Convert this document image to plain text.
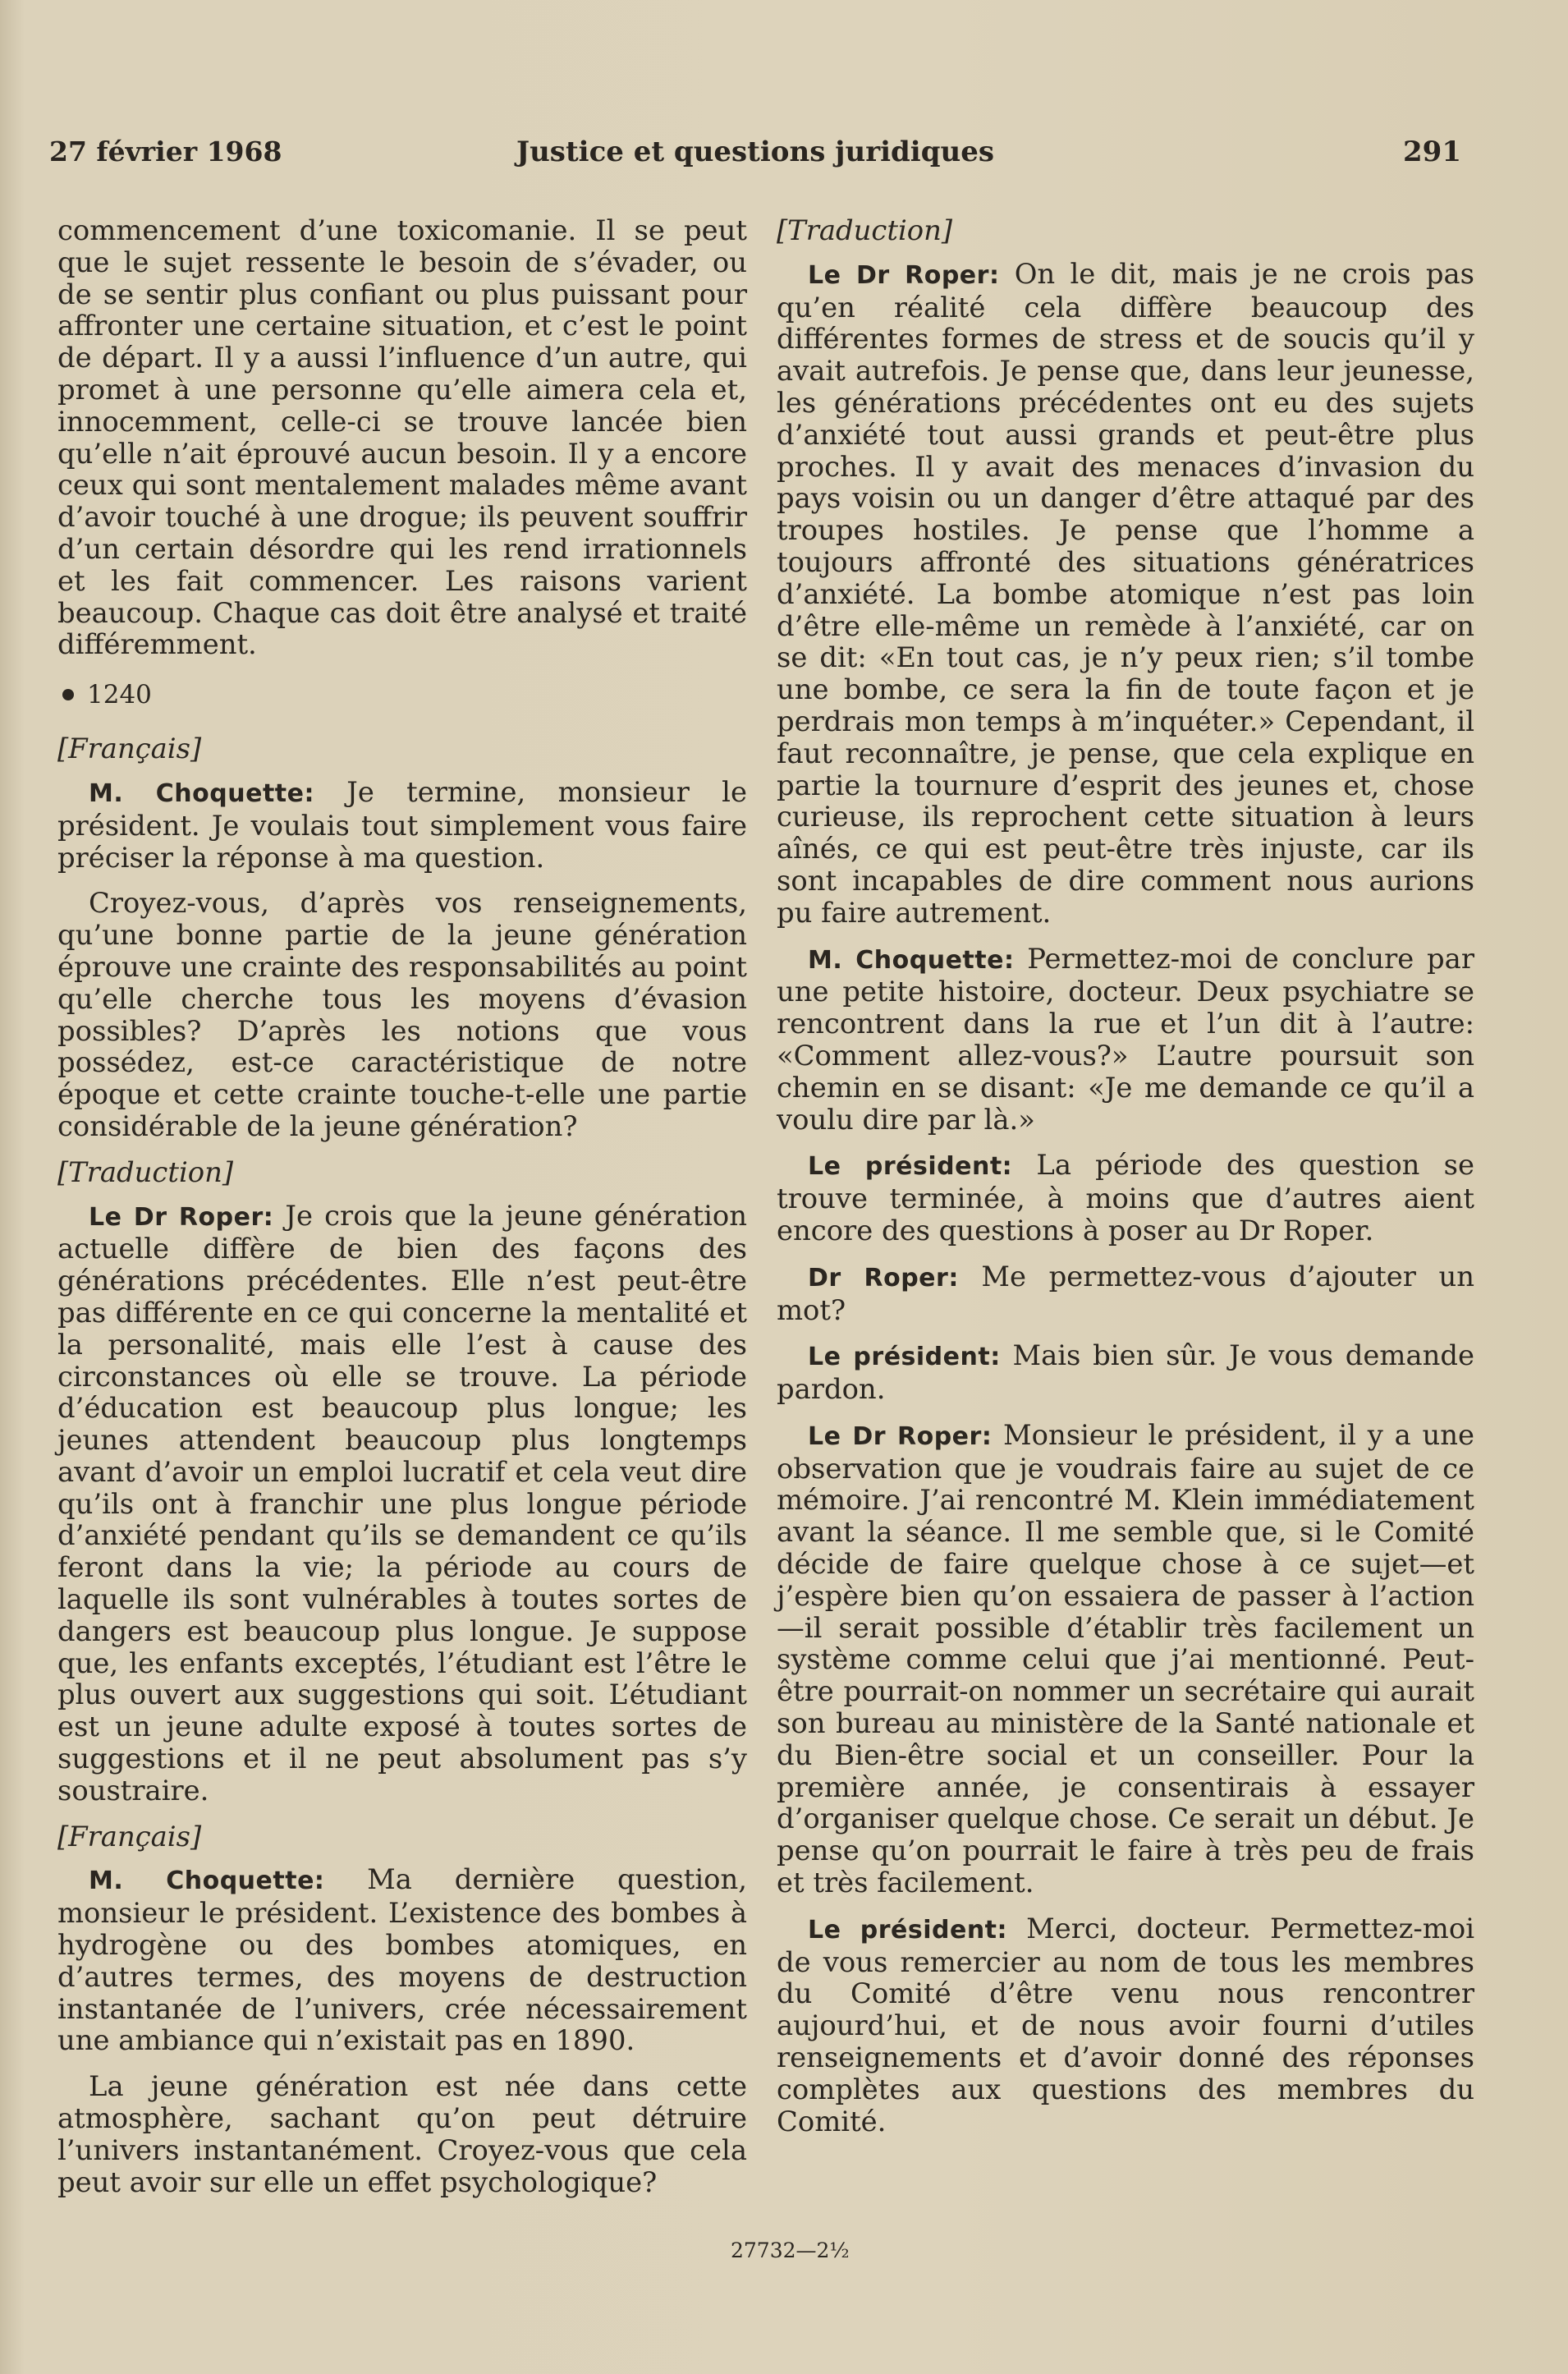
27 février 1968	Justice et questions juridiques	291

commencement d’une toxicomanie. Il se peut que le sujet ressente le besoin de s’évader, ou de se sentir plus confiant ou plus puissant pour affronter une certaine situation, et c’est le point de départ. Il y a aussi l’influence d’un autre, qui promet à une personne qu’elle aimera cela et, innocemment, celle-ci se trouve lancée bien qu’elle n’ait éprouvé aucun besoin. Il y a encore ceux qui sont mentalement malades même avant d’avoir touché à une drogue; ils peuvent souffrir d’un certain désordre qui les rend irrationnels et les fait commencer. Les raisons varient beaucoup. Chaque cas doit être analysé et traité différemment.

1240
[Français]

M. Choquette: Je termine, monsieur le président. Je voulais tout simplement vous faire préciser la réponse à ma question.

Croyez-vous, d’après vos renseignements, qu’une bonne partie de la jeune génération éprouve une crainte des responsabilités au point qu’elle cherche tous les moyens d’évasion possibles? D’après les notions que vous possédez, est-ce caractéristique de notre époque et cette crainte touche-t-elle une partie considérable de la jeune génération?

[Traduction]

Le Dr Roper: Je crois que la jeune génération actuelle diffère de bien des façons des générations précédentes. Elle n’est peut-être pas différente en ce qui concerne la mentalité et la personalité, mais elle l’est à cause des circonstances où elle se trouve. La période d’éducation est beaucoup plus longue; les jeunes attendent beaucoup plus longtemps avant d’avoir un emploi lucratif et cela veut dire qu’ils ont à franchir une plus longue période d’anxiété pendant qu’ils se demandent ce qu’ils feront dans la vie; la période au cours de laquelle ils sont vulnérables à toutes sortes de dangers est beaucoup plus longue. Je suppose que, les enfants exceptés, l’étudiant est l’être le plus ouvert aux suggestions qui soit. L’étudiant est un jeune adulte exposé à toutes sortes de suggestions et il ne peut absolument pas s’y soustraire.

[Français]

M. Choquette: Ma dernière question, monsieur le président. L’existence des bombes à hydrogène ou des bombes atomiques, en d’autres termes, des moyens de destruction instantanée de l’univers, crée nécessairement une ambiance qui n’existait pas en 1890.

La jeune génération est née dans cette atmosphère, sachant qu’on peut détruire l’univers instantanément. Croyez-vous que cela peut avoir sur elle un effet psychologique?

[Traduction]

Le Dr Roper: On le dit, mais je ne crois pas qu’en réalité cela diffère beaucoup des différentes formes de stress et de soucis qu’il y avait autrefois. Je pense que, dans leur jeunesse, les générations précédentes ont eu des sujets d’anxiété tout aussi grands et peut-être plus proches. Il y avait des menaces d’invasion du pays voisin ou un danger d’être attaqué par des troupes hostiles. Je pense que l’homme a toujours affronté des situations génératrices d’anxiété. La bombe atomique n’est pas loin d’être elle-même un remède à l’anxiété, car on se dit: «En tout cas, je n’y peux rien; s’il tombe une bombe, ce sera la fin de toute façon et je perdrais mon temps à m’inquéter.» Cependant, il faut reconnaître, je pense, que cela explique en partie la tournure d’esprit des jeunes et, chose curieuse, ils reprochent cette situation à leurs aînés, ce qui est peut-être très injuste, car ils sont incapables de dire comment nous aurions pu faire autrement.

M. Choquette: Permettez-moi de conclure par une petite histoire, docteur. Deux psychiatre se rencontrent dans la rue et l’un dit à l’autre: «Comment allez-vous?» L’autre poursuit son chemin en se disant: «Je me demande ce qu’il a voulu dire par là.»

Le président: La période des question se trouve terminée, à moins que d’autres aient encore des questions à poser au Dr Roper.

Dr Roper: Me permettez-vous d’ajouter un mot?

Le président: Mais bien sûr. Je vous demande pardon.

Le Dr Roper: Monsieur le président, il y a une observation que je voudrais faire au sujet de ce mémoire. J’ai rencontré M. Klein immédiatement avant la séance. Il me semble que, si le Comité décide de faire quelque chose à ce sujet—et j’espère bien qu’on essaiera de passer à l’action—il serait possible d’établir très facilement un système comme celui que j’ai mentionné. Peut-être pourrait-on nommer un secrétaire qui aurait son bureau au ministère de la Santé nationale et du Bien-être social et un conseiller. Pour la première année, je consentirais à essayer d’organiser quelque chose. Ce serait un début. Je pense qu’on pourrait le faire à très peu de frais et très facilement.

Le président: Merci, docteur. Permettez-moi de vous remercier au nom de tous les membres du Comité d’être venu nous rencontrer aujourd’hui, et de nous avoir fourni d’utiles renseignements et d’avoir donné des réponses complètes aux questions des membres du Comité.

27732—2½
